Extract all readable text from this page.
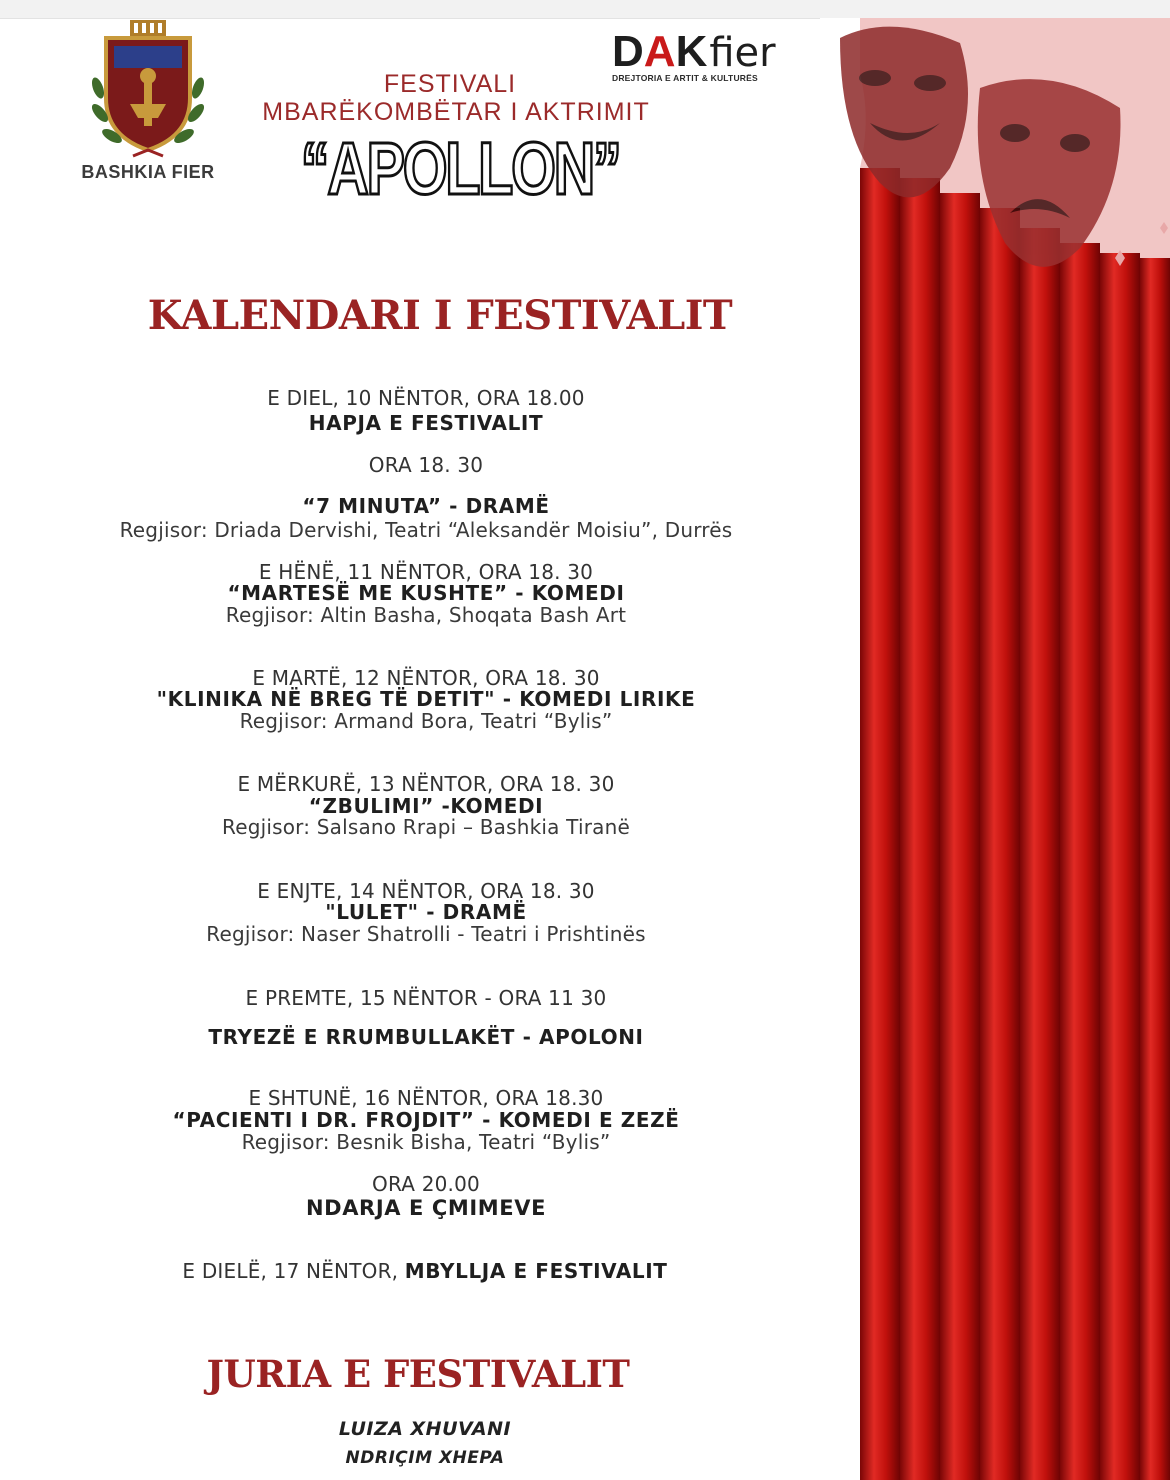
BASHKIA FIER
DAKfier
DREJTORIA E ARTIT & KULTURËS
FESTIVALI
MBARËKOMBËTAR I AKTRIMIT
“APOLLON”
KALENDARI I FESTIVALIT
E DIEL, 10 NËNTOR, ORA 18.00
HAPJA E FESTIVALIT
ORA 18. 30
“7 MINUTA” - DRAMË
Regjisor: Driada Dervishi, Teatri “Aleksandër Moisiu”, Durrës
E HËNË, 11 NËNTOR, ORA 18. 30
“MARTESË ME KUSHTE” - KOMEDI
Regjisor: Altin Basha, Shoqata Bash Art
E MARTË, 12 NËNTOR, ORA 18. 30
"KLINIKA NË BREG TË DETIT" - KOMEDI LIRIKE
Regjisor: Armand Bora, Teatri “Bylis”
E MËRKURË, 13 NËNTOR, ORA 18. 30
“ZBULIMI” -KOMEDI
Regjisor: Salsano Rrapi – Bashkia Tiranë
E ENJTE, 14 NËNTOR, ORA 18. 30
"LULET" - DRAMË
Regjisor: Naser Shatrolli - Teatri i Prishtinës
E PREMTE, 15 NËNTOR - ORA 11 30
TRYEZË E RRUMBULLAKËT - APOLONI
E SHTUNË, 16 NËNTOR, ORA 18.30
“PACIENTI I DR. FROJDIT” - KOMEDI E ZEZË
Regjisor: Besnik Bisha, Teatri “Bylis”
ORA 20.00
NDARJA E ÇMIMEVE
E DIELË, 17 NËNTOR, MBYLLJA E FESTIVALIT
JURIA E FESTIVALIT
LUIZA XHUVANI
NDRIÇIM XHEPA
